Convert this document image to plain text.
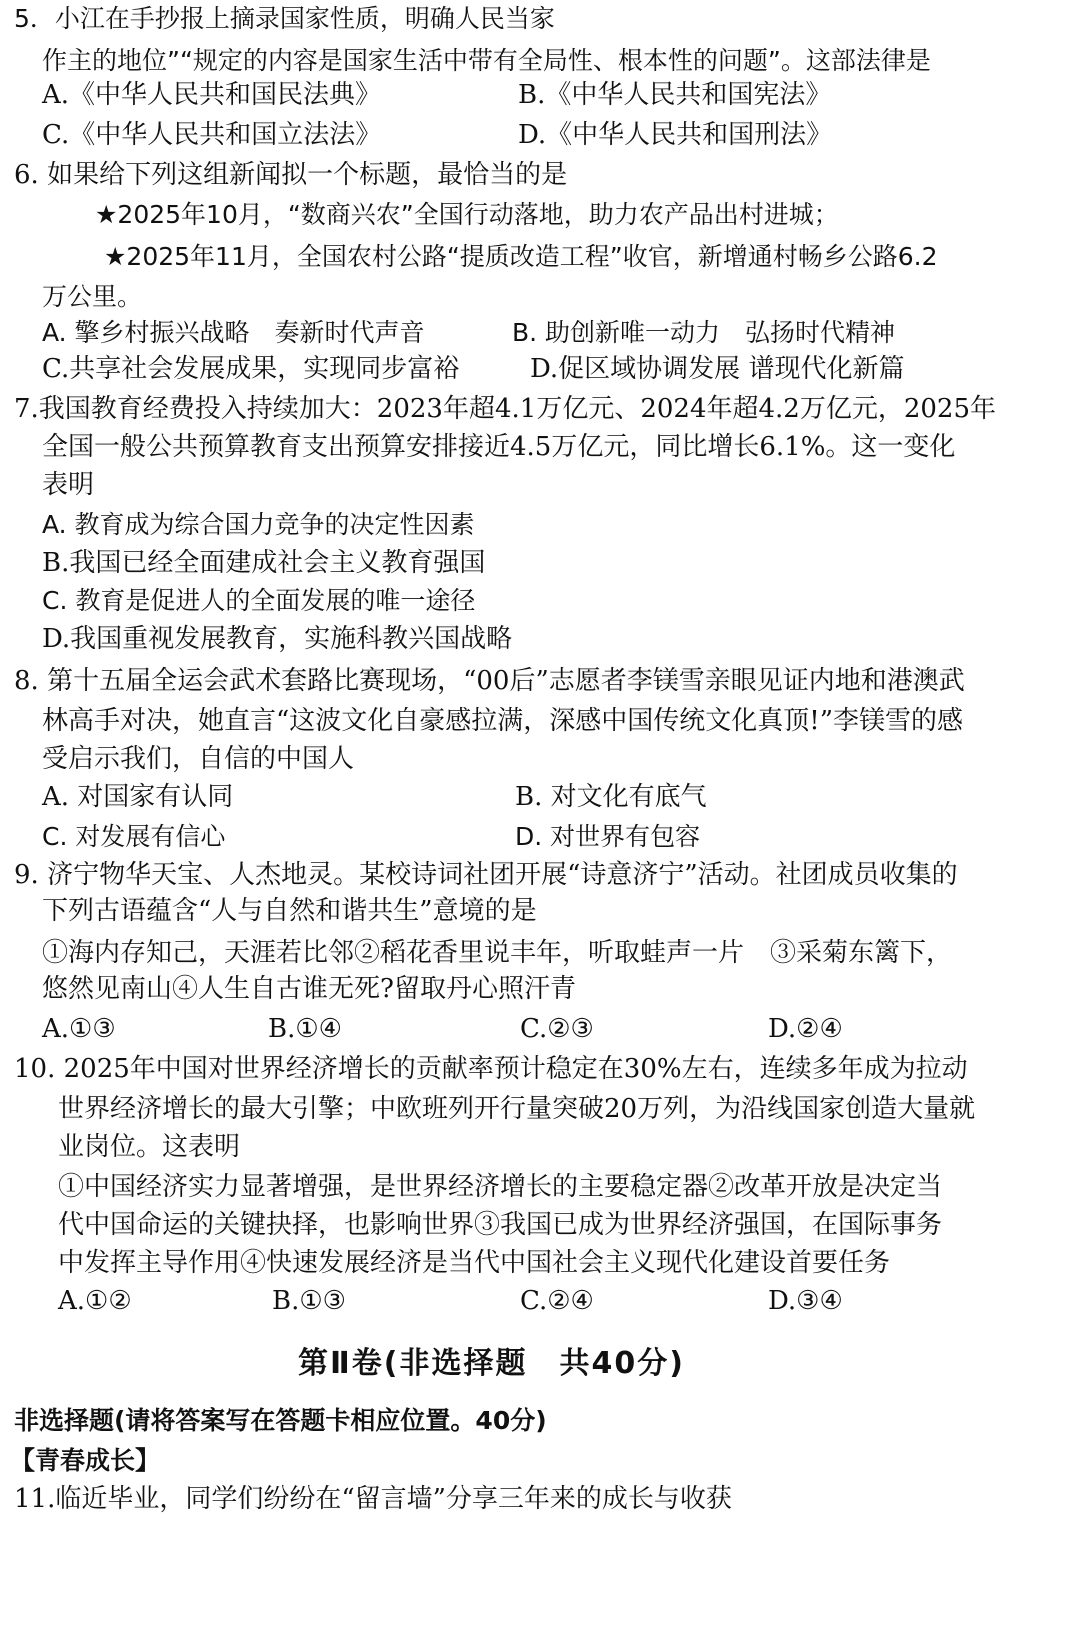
5．小江在手抄报上摘录国家性质，明确人民当家
作主的地位”“规定的内容是国家生活中带有全局性、根本性的问题”。这部法律是
A.《中华人民共和国民法典》	B.《中华人民共和国宪法》
C.《中华人民共和国立法法》	D.《中华人民共和国刑法》
6. 如果给下列这组新闻拟一个标题，最恰当的是
★2025年10月，“数商兴农”全国行动落地，助力农产品出村进城；
★2025年11月，全国农村公路“提质改造工程”收官，新增通村畅乡公路6.2
万公里。
A. 擎乡村振兴战略　奏新时代声音	B. 助创新唯一动力　弘扬时代精神
C.共享社会发展成果，实现同步富裕	D.促区域协调发展 谱现代化新篇
7.我国教育经费投入持续加大：2023年超4.1万亿元、2024年超4.2万亿元，2025年
全国一般公共预算教育支出预算安排接近4.5万亿元，同比增长6.1%。这一变化
表明
A. 教育成为综合国力竞争的决定性因素
B.我国已经全面建成社会主义教育强国
C. 教育是促进人的全面发展的唯一途径
D.我国重视发展教育，实施科教兴国战略
8. 第十五届全运会武术套路比赛现场，“00后”志愿者李镁雪亲眼见证内地和港澳武
林高手对决，她直言“这波文化自豪感拉满，深感中国传统文化真顶!”李镁雪的感
受启示我们，自信的中国人
A. 对国家有认同	B. 对文化有底气
C. 对发展有信心	D. 对世界有包容
9. 济宁物华天宝、人杰地灵。某校诗词社团开展“诗意济宁”活动。社团成员收集的
下列古语蕴含“人与自然和谐共生”意境的是
①海内存知己，天涯若比邻②稻花香里说丰年，听取蛙声一片　③采菊东篱下，
悠然见南山④人生自古谁无死?留取丹心照汗青
A.①③	B.①④	C.②③	D.②④
10. 2025年中国对世界经济增长的贡献率预计稳定在30%左右，连续多年成为拉动
世界经济增长的最大引擎；中欧班列开行量突破20万列，为沿线国家创造大量就
业岗位。这表明
①中国经济实力显著增强，是世界经济增长的主要稳定器②改革开放是决定当
代中国命运的关键抉择，也影响世界③我国已成为世界经济强国，在国际事务
中发挥主导作用④快速发展经济是当代中国社会主义现代化建设首要任务
A.①②	B.①③	C.②④	D.③④
第Ⅱ卷(非选择题　共40分)
非选择题(请将答案写在答题卡相应位置。40分)
【青春成长】
11.临近毕业，同学们纷纷在“留言墙”分享三年来的成长与收获
